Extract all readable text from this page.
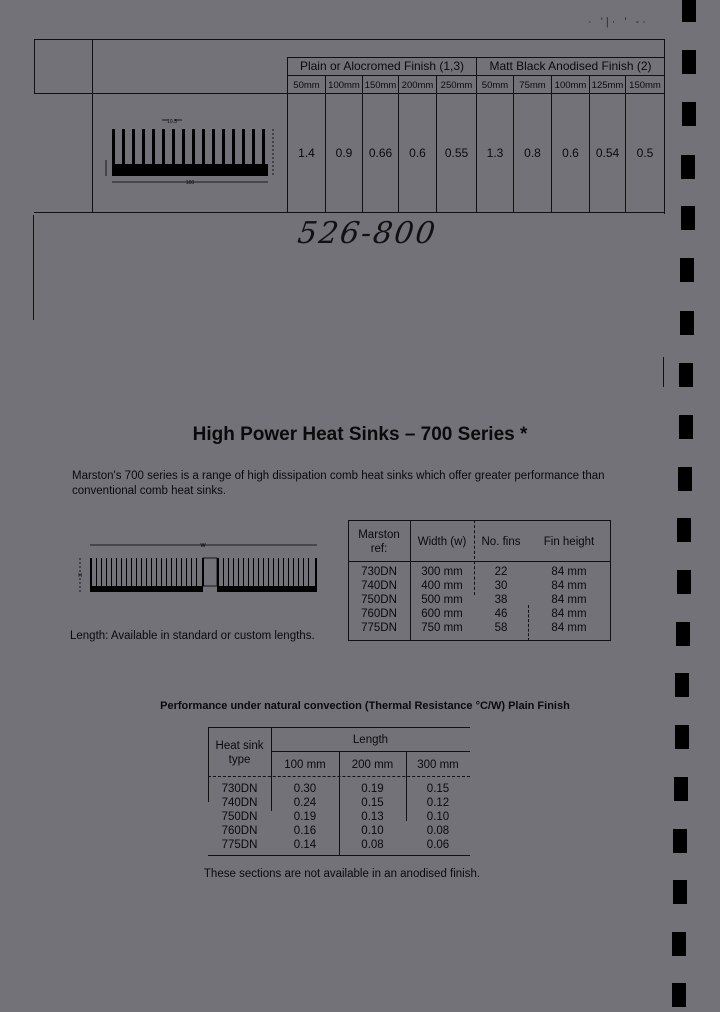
· '|· ' -·
Plain or Alocromed Finish (1,3)	Matt Black Anodised Finish (2)
50mm 100mm 150mm 200mm 250mm 50mm	75mm 100mm 125mm 150mm
1.4	0.9	0.66	0.6	0.55	1.3	0.8	0.6	0.54	0.5
160
10.5
526-800
High Power Heat Sinks – 700 Series *
Marston's 700 series is a range of high dissipation comb heat sinks which offer greater performance than conventional comb heat sinks.
w
H
Length: Available in standard or custom lengths.
Marston
ref:
Width (w)	No. fins	Fin height
730DN	300 mm	22	84 mm
740DN	400 mm	30	84 mm
750DN	500 mm	38	84 mm
760DN	600 mm	46	84 mm
775DN	750 mm	58	84 mm
Performance under natural convection (Thermal Resistance °C/W) Plain Finish
Heat sink
type
Length
100 mm	200 mm	300 mm
730DN	0.30	0.19	0.15
740DN	0.24	0.15	0.12
750DN	0.19	0.13	0.10
760DN	0.16	0.10	0.08
775DN	0.14	0.08	0.06
These sections are not available in an anodised finish.
